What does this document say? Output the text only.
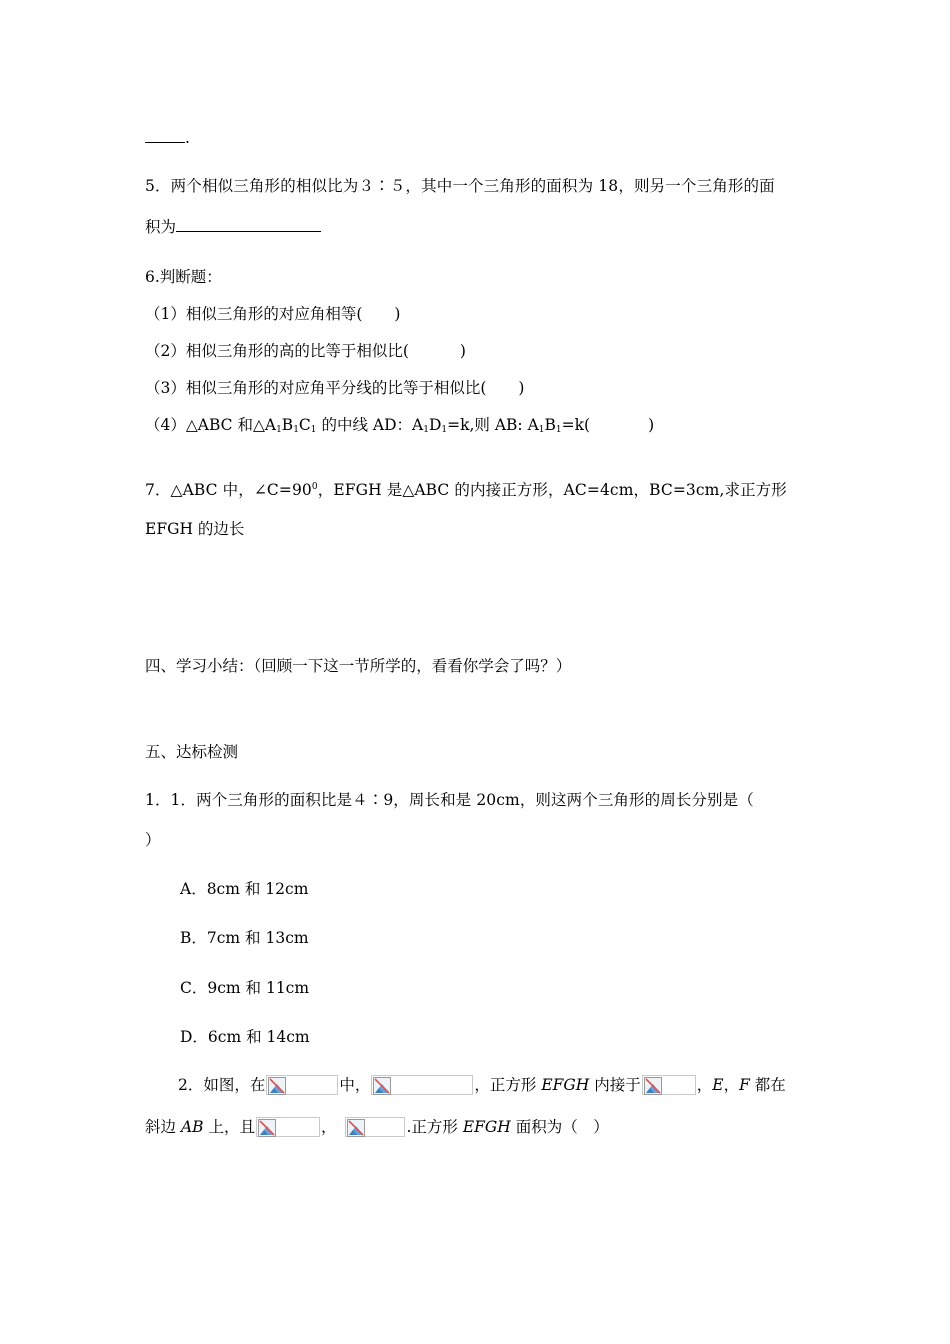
.
5．两个相似三角形的相似比为３∶５，其中一个三角形的面积为 18，则另一个三角形的面
积为
6.判断题：
（1）相似三角形的对应角相等( )
（2）相似三角形的高的比等于相似比(	)
（3）相似三角形的对应角平分线的比等于相似比( )
（4）△ABC 和$\triangle A_1B_1C_1$ 的中线 AD：$A_1D_1=k$,则 AB: $A_1B_1=k$(	)
7．△ABC 中，$\angle C=90^0$，EFGH 是△ABC 的内接正方形，AC=4cm，BC=3cm,求正方形
EFGH 的边长
四、学习小结：（回顾一下这一节所学的，看看你学会了吗？）
五、达标检测
1．1．两个三角形的面积比是４∶9，周长和是 20cm，则这两个三角形的周长分别是（
）
A．8cm 和 12cm
B．7cm 和 13cm
C．9cm 和 11cm
D．6cm 和 14cm
2．如图，在	中，	，正方形 EFGH 内接于	，E，F 都在
斜边 AB 上，且	，	.正方形 EFGH 面积为（　）
